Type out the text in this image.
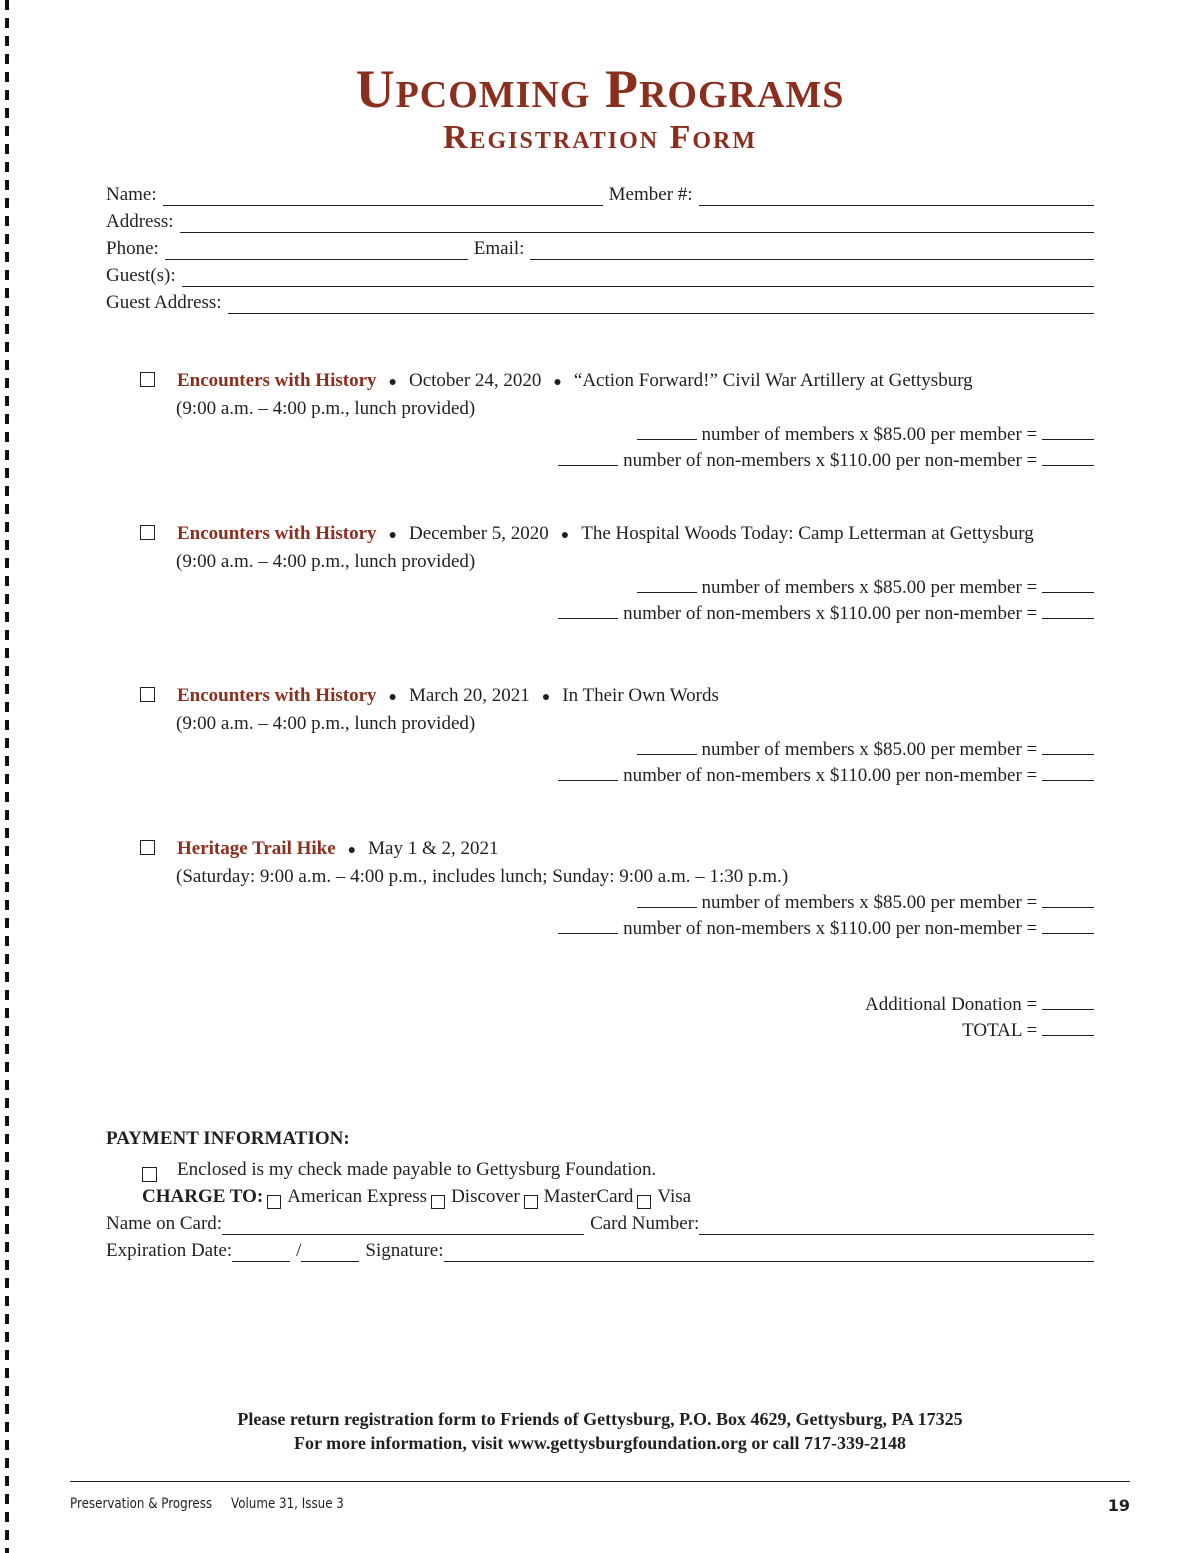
Upcoming Programs
Registration Form
Name:	Member #:
Address:
Phone:	Email:
Guest(s):
Guest Address:
Encounters with History ● October 24, 2020 ● “Action Forward!” Civil War Artillery at Gettysburg
(9:00 a.m. – 4:00 p.m., lunch provided)
number of members x $85.00 per member =
number of non-members x $110.00 per non-member =
Encounters with History ● December 5, 2020 ● The Hospital Woods Today: Camp Letterman at Gettysburg
(9:00 a.m. – 4:00 p.m., lunch provided)
number of members x $85.00 per member =
number of non-members x $110.00 per non-member =
Encounters with History ● March 20, 2021 ● In Their Own Words
(9:00 a.m. – 4:00 p.m., lunch provided)
number of members x $85.00 per member =
number of non-members x $110.00 per non-member =
Heritage Trail Hike ● May 1 & 2, 2021
(Saturday: 9:00 a.m. – 4:00 p.m., includes lunch; Sunday: 9:00 a.m. – 1:30 p.m.)
number of members x $85.00 per member =
number of non-members x $110.00 per non-member =
Additional Donation =
TOTAL =
PAYMENT INFORMATION:
Enclosed is my check made payable to Gettysburg Foundation.
CHARGE TO: American Express Discover MasterCard Visa
Name on Card:	Card Number:
Expiration Date:	/	Signature:
Please return registration form to Friends of Gettysburg, P.O. Box 4629, Gettysburg, PA 17325
For more information, visit www.gettysburgfoundation.org or call 717-339-2148
Preservation & Progress Volume 31, Issue 3	19
